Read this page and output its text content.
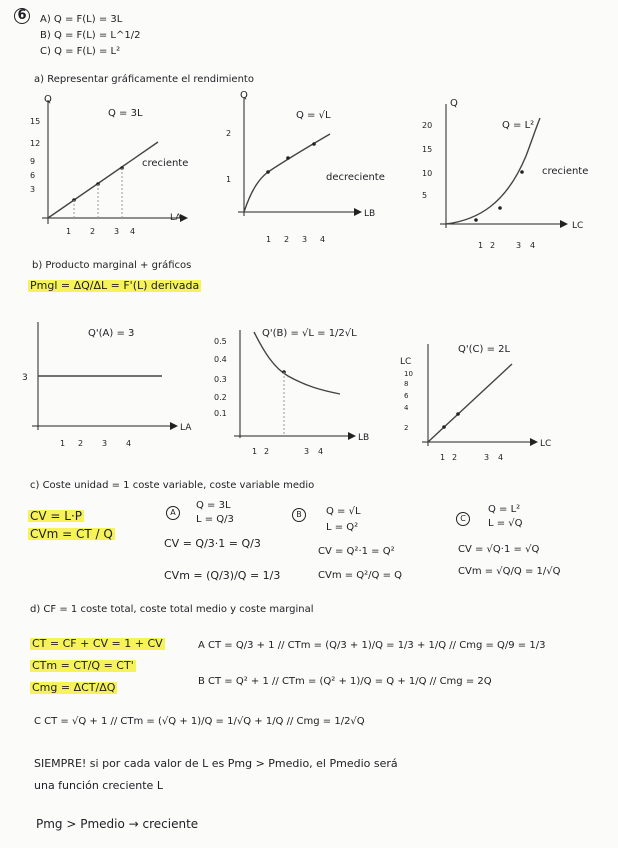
6	A) Q = F(L) = 3L
B) Q = F(L) = L^1/2
C) Q = F(L) = L²
a) Representar gráficamente el rendimiento
Q
Q = 3L
15
12
9
6
3
1 2 3 4
LA
creciente
Q
Q = √L
2
1
1 2 3 4
LB
decreciente
Q
Q = L²
20
15
10
5
1 2	3 4
LC
creciente
b) Producto marginal + gráficos
Pmgl = ΔQ/ΔL = F'(L) derivada
Q'(A) = 3
3
1 2 3 4
LA
Q'(B) = √L = 1/2√L
0.5
0.4
0.3
0.2
0.1
1 2	3 4
LB
LC
Q'(C) = 2L
10
8
6
4
2
1 2	3 4
LC
c) Coste unidad = 1 coste variable, coste variable medio
CV = L·P
CVm = CT / Q
A
Q = 3L
L = Q/3
CV = Q/3·1 = Q/3
CVm = (Q/3)/Q = 1/3
B	Q = √L
L = Q²
CV = Q²·1 = Q²
CVm = Q²/Q = Q
C
Q = L²
L = √Q
CV = √Q·1 = √Q
CVm = √Q/Q = 1/√Q
d) CF = 1 coste total, coste total medio y coste marginal
CT = CF + CV = 1 + CV
CTm = CT/Q = CT'
Cmg = ΔCT/ΔQ
A CT = Q/3 + 1 // CTm = (Q/3 + 1)/Q = 1/3 + 1/Q // Cmg = Q/9 = 1/3
B CT = Q² + 1 // CTm = (Q² + 1)/Q = Q + 1/Q // Cmg = 2Q
C CT = √Q + 1 // CTm = (√Q + 1)/Q = 1/√Q + 1/Q // Cmg = 1/2√Q
SIEMPRE! si por cada valor de L es Pmg > Pmedio, el Pmedio será
una función creciente L
Pmg > Pmedio → creciente
